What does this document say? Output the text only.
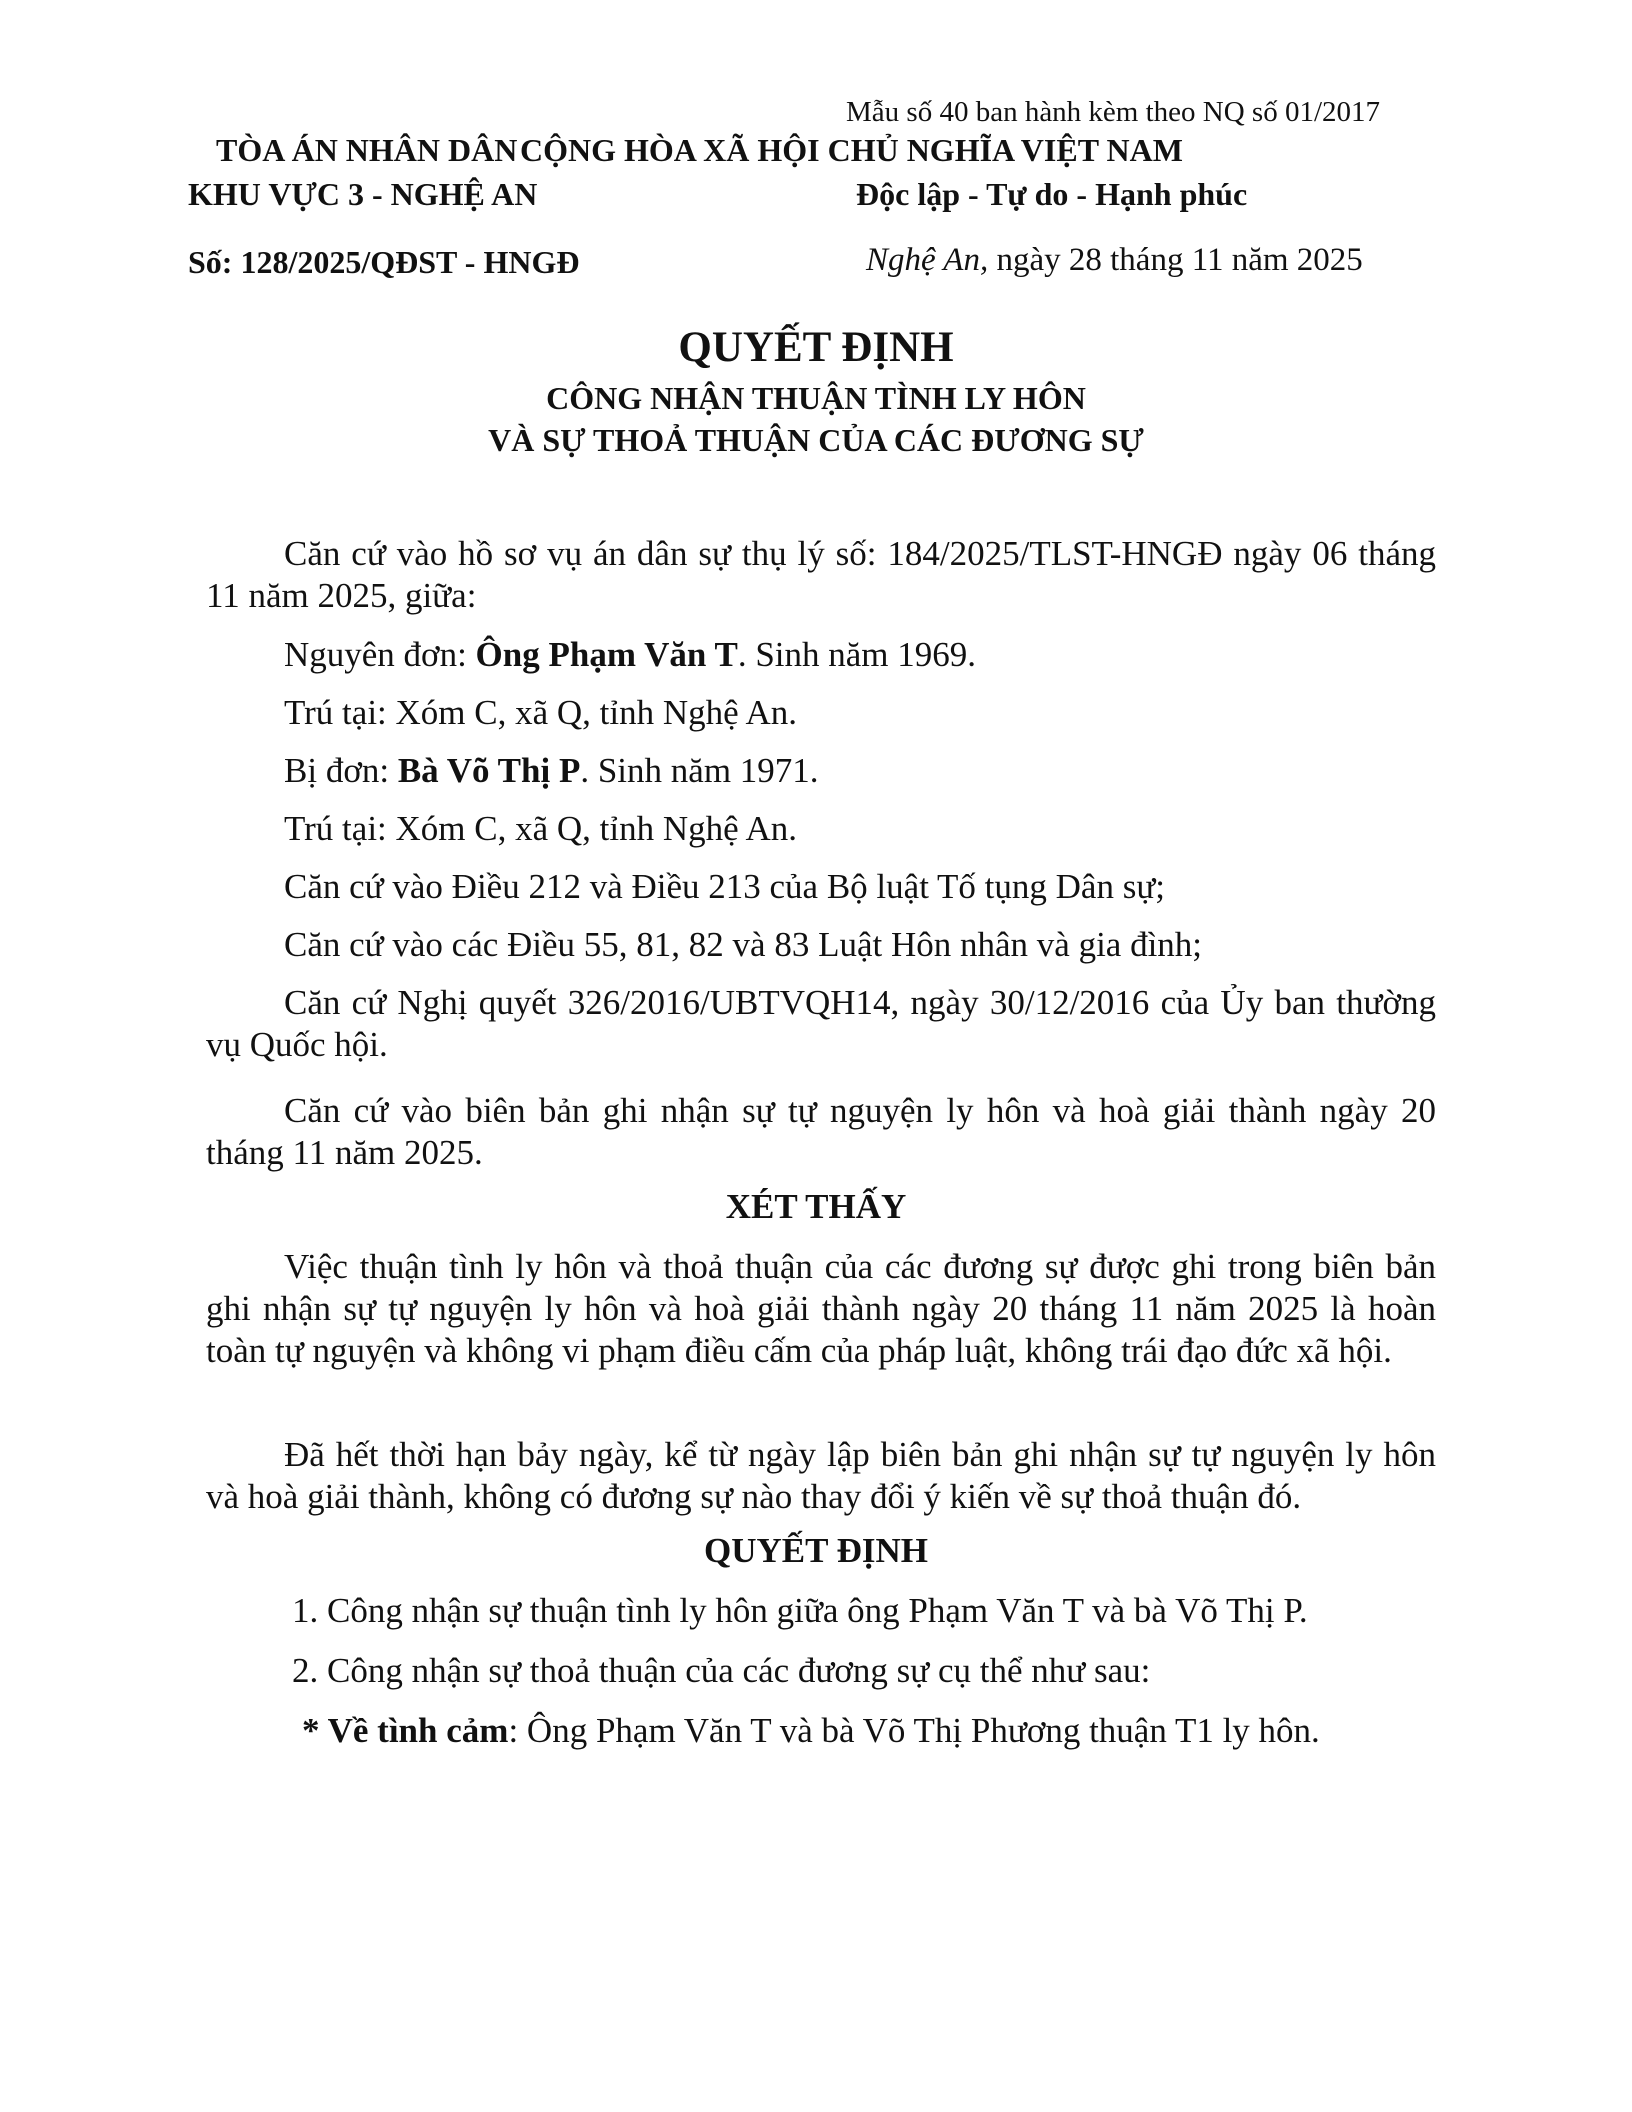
Mẫu số 40 ban hành kèm theo NQ số 01/2017
TÒA ÁN NHÂN DÂN CỘNG HÒA XÃ HỘI CHỦ NGHĨA VIỆT NAM
KHU VỰC 3 - NGHỆ AN	Độc lập - Tự do - Hạnh phúc
Số: 128/2025/QĐST - HNGĐ	Nghệ An, ngày 28 tháng 11 năm 2025
QUYẾT ĐỊNH
CÔNG NHẬN THUẬN TÌNH LY HÔN
VÀ SỰ THOẢ THUẬN CỦA CÁC ĐƯƠNG SỰ
Căn cứ vào hồ sơ vụ án dân sự thụ lý số: 184/2025/TLST-HNGĐ ngày 06 tháng 11 năm 2025, giữa:
Nguyên đơn: Ông Phạm Văn T. Sinh năm 1969.
Trú tại: Xóm C, xã Q, tỉnh Nghệ An.
Bị đơn: Bà Võ Thị P. Sinh năm 1971.
Trú tại: Xóm C, xã Q, tỉnh Nghệ An.
Căn cứ vào Điều 212 và Điều 213 của Bộ luật Tố tụng Dân sự;
Căn cứ vào các Điều 55, 81, 82 và 83 Luật Hôn nhân và gia đình;
Căn cứ Nghị quyết 326/2016/UBTVQH14, ngày 30/12/2016 của Ủy ban thường vụ Quốc hội.
Căn cứ vào biên bản ghi nhận sự tự nguyện ly hôn và hoà giải thành ngày 20 tháng 11 năm 2025.
XÉT THẤY
Việc thuận tình ly hôn và thoả thuận của các đương sự được ghi trong biên bản ghi nhận sự tự nguyện ly hôn và hoà giải thành ngày 20 tháng 11 năm 2025 là hoàn toàn tự nguyện và không vi phạm điều cấm của pháp luật, không trái đạo đức xã hội.
Đã hết thời hạn bảy ngày, kể từ ngày lập biên bản ghi nhận sự tự nguyện ly hôn và hoà giải thành, không có đương sự nào thay đổi ý kiến về sự thoả thuận đó.
QUYẾT ĐỊNH
1. Công nhận sự thuận tình ly hôn giữa ông Phạm Văn T và bà Võ Thị P.
2. Công nhận sự thoả thuận của các đương sự cụ thể như sau:
* Về tình cảm: Ông Phạm Văn T và bà Võ Thị Phương thuận T1 ly hôn.
